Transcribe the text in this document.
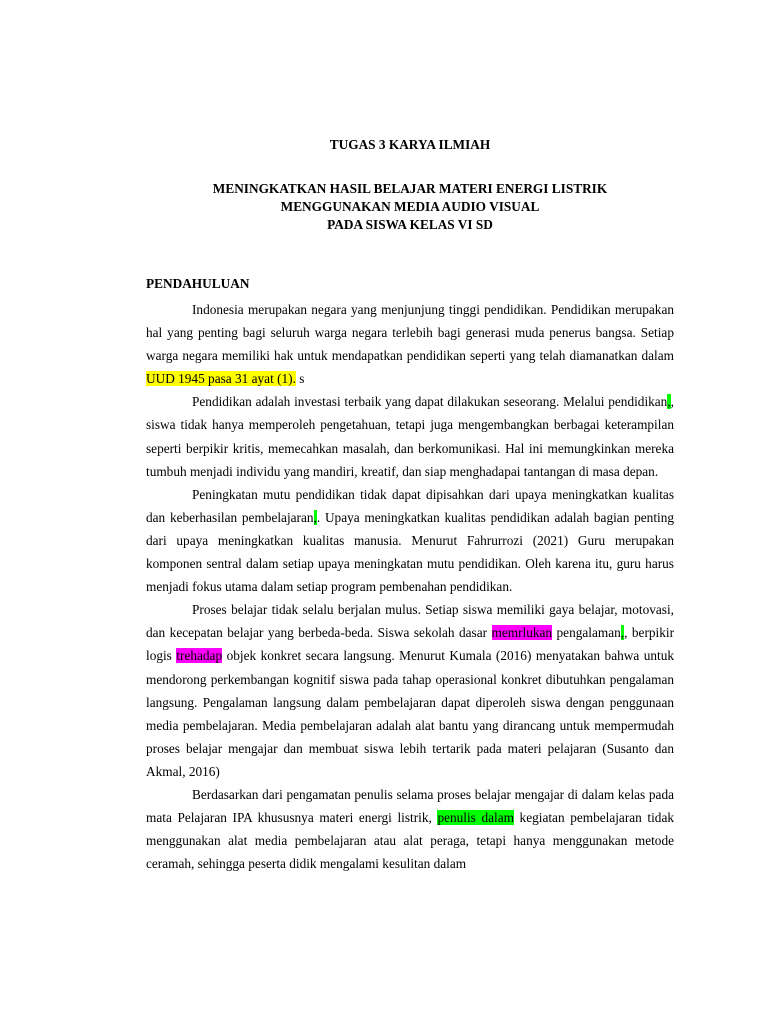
TUGAS 3 KARYA ILMIAH
MENINGKATKAN HASIL BELAJAR MATERI ENERGI LISTRIK
MENGGUNAKAN MEDIA AUDIO VISUAL
PADA SISWA KELAS VI SD
PENDAHULUAN

Indonesia merupakan negara yang menjunjung tinggi pendidikan. Pendidikan merupakan hal yang penting bagi seluruh warga negara terlebih bagi generasi muda penerus bangsa. Setiap warga negara memiliki hak untuk mendapatkan pendidikan seperti yang telah diamanatkan dalam UUD 1945 pasa 31 ayat (1). s

Pendidikan adalah investasi terbaik yang dapat dilakukan seseorang. Melalui pendidikan,, siswa tidak hanya memperoleh pengetahuan, tetapi juga mengembangkan berbagai keterampilan seperti berpikir kritis, memecahkan masalah, dan berkomunikasi. Hal ini memungkinkan mereka tumbuh menjadi individu yang mandiri, kreatif, dan siap menghadapai tantangan di masa depan.

Peningkatan mutu pendidikan tidak dapat dipisahkan dari upaya meningkatkan kualitas dan keberhasilan pembelajaran,. Upaya meningkatkan kualitas pendidikan adalah bagian penting dari upaya meningkatkan kualitas manusia. Menurut Fahrurrozi (2021) Guru merupakan komponen sentral dalam setiap upaya meningkatan mutu pendidikan. Oleh karena itu, guru harus menjadi fokus utama dalam setiap program pembenahan pendidikan.

Proses belajar tidak selalu berjalan mulus. Setiap siswa memiliki gaya belajar, motovasi, dan kecepatan belajar yang berbeda-beda. Siswa sekolah dasar memrlukan pengalaman,, berpikir logis trehadap objek konkret secara langsung. Menurut Kumala (2016) menyatakan bahwa untuk mendorong perkembangan kognitif siswa pada tahap operasional konkret dibutuhkan pengalaman langsung. Pengalaman langsung dalam pembelajaran dapat diperoleh siswa dengan penggunaan media pembelajaran. Media pembelajaran adalah alat bantu yang dirancang untuk mempermudah proses belajar mengajar dan membuat siswa lebih tertarik pada materi pelajaran (Susanto dan Akmal, 2016)

Berdasarkan dari pengamatan penulis selama proses belajar mengajar di dalam kelas pada mata Pelajaran IPA khususnya materi energi listrik, penulis dalam kegiatan pembelajaran tidak menggunakan alat media pembelajaran atau alat peraga, tetapi hanya menggunakan metode ceramah, sehingga peserta didik mengalami kesulitan dalam
